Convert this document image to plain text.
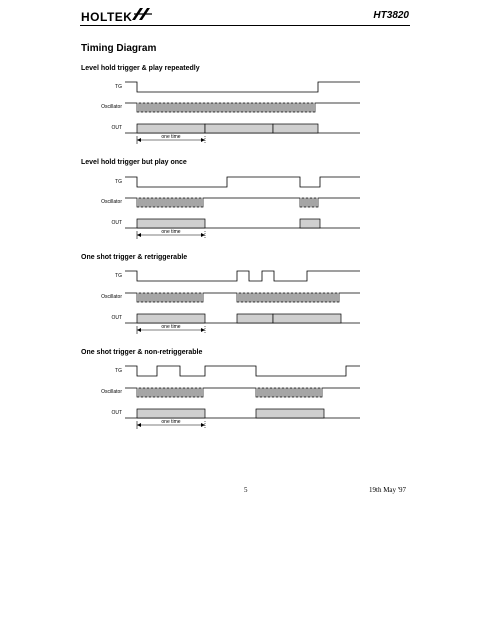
HOLTEK	HT3820
Timing Diagram
Level hold trigger & play repeatedly
Level hold trigger but play once
One shot trigger & retriggerable
One shot trigger & non-retriggerable
TG
Oscillator
OUT
TG
Oscillator
OUT
TG
Oscillator
OUT
TG
Oscillator
OUT
one time
one time
one time
one time
5	19th May '97
